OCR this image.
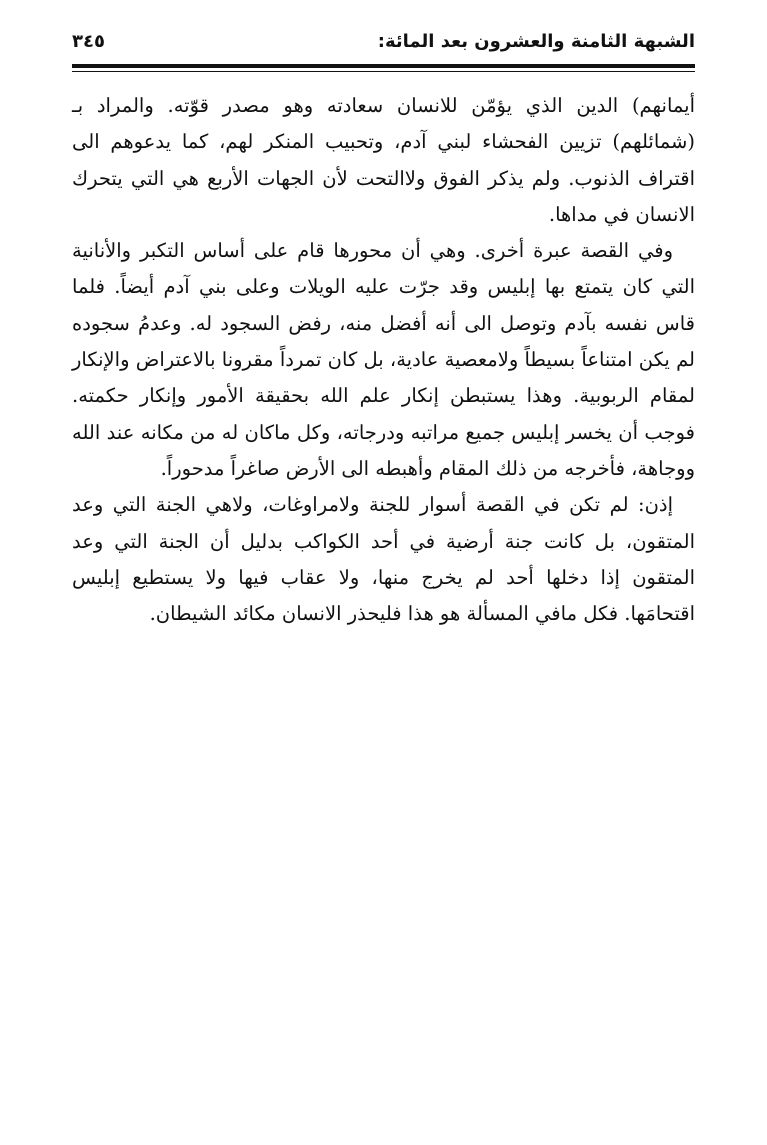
الشبهة الثامنة والعشرون بعد المائة:
٣٤٥

أيمانهم) الدين الذي يؤمّن للانسان سعادته وهو مصدر قوّته. والمراد بـ (شمائلهم) تزيين الفحشاء لبني آدم، وتحبيب المنكر لهم، كما يدعوهم الى اقتراف الذنوب. ولم يذكر الفوق ولاالتحت لأن الجهات الأربع هي التي يتحرك الانسان في مداها.

وفي القصة عبرة أخرى. وهي أن محورها قام على أساس التكبر والأنانية التي كان يتمتع بها إبليس وقد جرّت عليه الويلات وعلى بني آدم أيضاً. فلما قاس نفسه بآدم وتوصل الى أنه أفضل منه، رفض السجود له. وعدمُ سجوده لم يكن امتناعاً بسيطاً ولامعصية عادية، بل كان تمرداً مقرونا بالاعتراض والإنكار لمقام الربوبية. وهذا يستبطن إنكار علم الله بحقيقة الأمور وإنكار حكمته. فوجب أن يخسر إبليس جميع مراتبه ودرجاته، وكل ماكان له من مكانه عند الله ووجاهة، فأخرجه من ذلك المقام وأهبطه الى الأرض صاغراً مدحوراً.

إذن: لم تكن في القصة أسوار للجنة ولامراوغات، ولاهي الجنة التي وعد المتقون، بل كانت جنة أرضية في أحد الكواكب بدليل أن الجنة التي وعد المتقون إذا دخلها أحد لم يخرج منها، ولا عقاب فيها ولا يستطيع إبليس اقتحامَها. فكل مافي المسألة هو هذا فليحذر الانسان مكائد الشيطان.
